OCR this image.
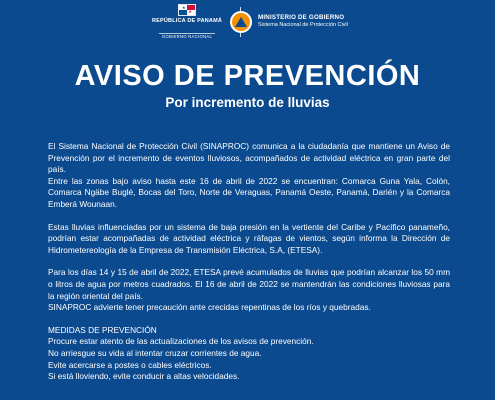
★
★
REPÚBLICA DE PANAMÁ
GOBIERNO NACIONAL
MINISTERIO DE GOBIERNO
Sistema Nacional de Protección Civil
AVISO DE PREVENCIÓN
Por incremento de lluvias

El Sistema Nacional de Protección Civil (SINAPROC) comunica a la ciudadanía que mantiene un Aviso de Prevención por el incremento de eventos lluviosos, acompañados de actividad eléctrica en gran parte del país.

Entre las zonas bajo aviso hasta este 16 de abril de 2022 se encuentran: Comarca Guna Yala, Colón, Comarca Ngäbe Buglé, Bocas del Toro, Norte de Veraguas, Panamá Oeste, Panamá, Darién y la Comarca Emberá Wounaan.

Estas lluvias influenciadas por un sistema de baja presión en la vertiente del Caribe y Pacífico panameño, podrían estar acompañadas de actividad eléctrica y ráfagas de vientos, según informa la Dirección de Hidrometereología de la Empresa de Transmisión Eléctrica, S.A, (ETESA).

Para los días 14 y 15 de abril de 2022, ETESA prevé acumulados de lluvias que podrían alcanzar los 50 mm o litros de agua por metros cuadrados. El 16 de abril de 2022 se mantendrán las condiciones lluviosas para la región oriental del país.

SINAPROC advierte tener precaución ante crecidas repentinas de los ríos y quebradas.

MEDIDAS DE PREVENCIÓN

Procure estar atento de las actualizaciones de los avisos de prevención.

No arriesgue su vida al intentar cruzar corrientes de agua.

Evite acercarse a postes o cables eléctricos.

Si está lloviendo, evite conducir a altas velocidades.
